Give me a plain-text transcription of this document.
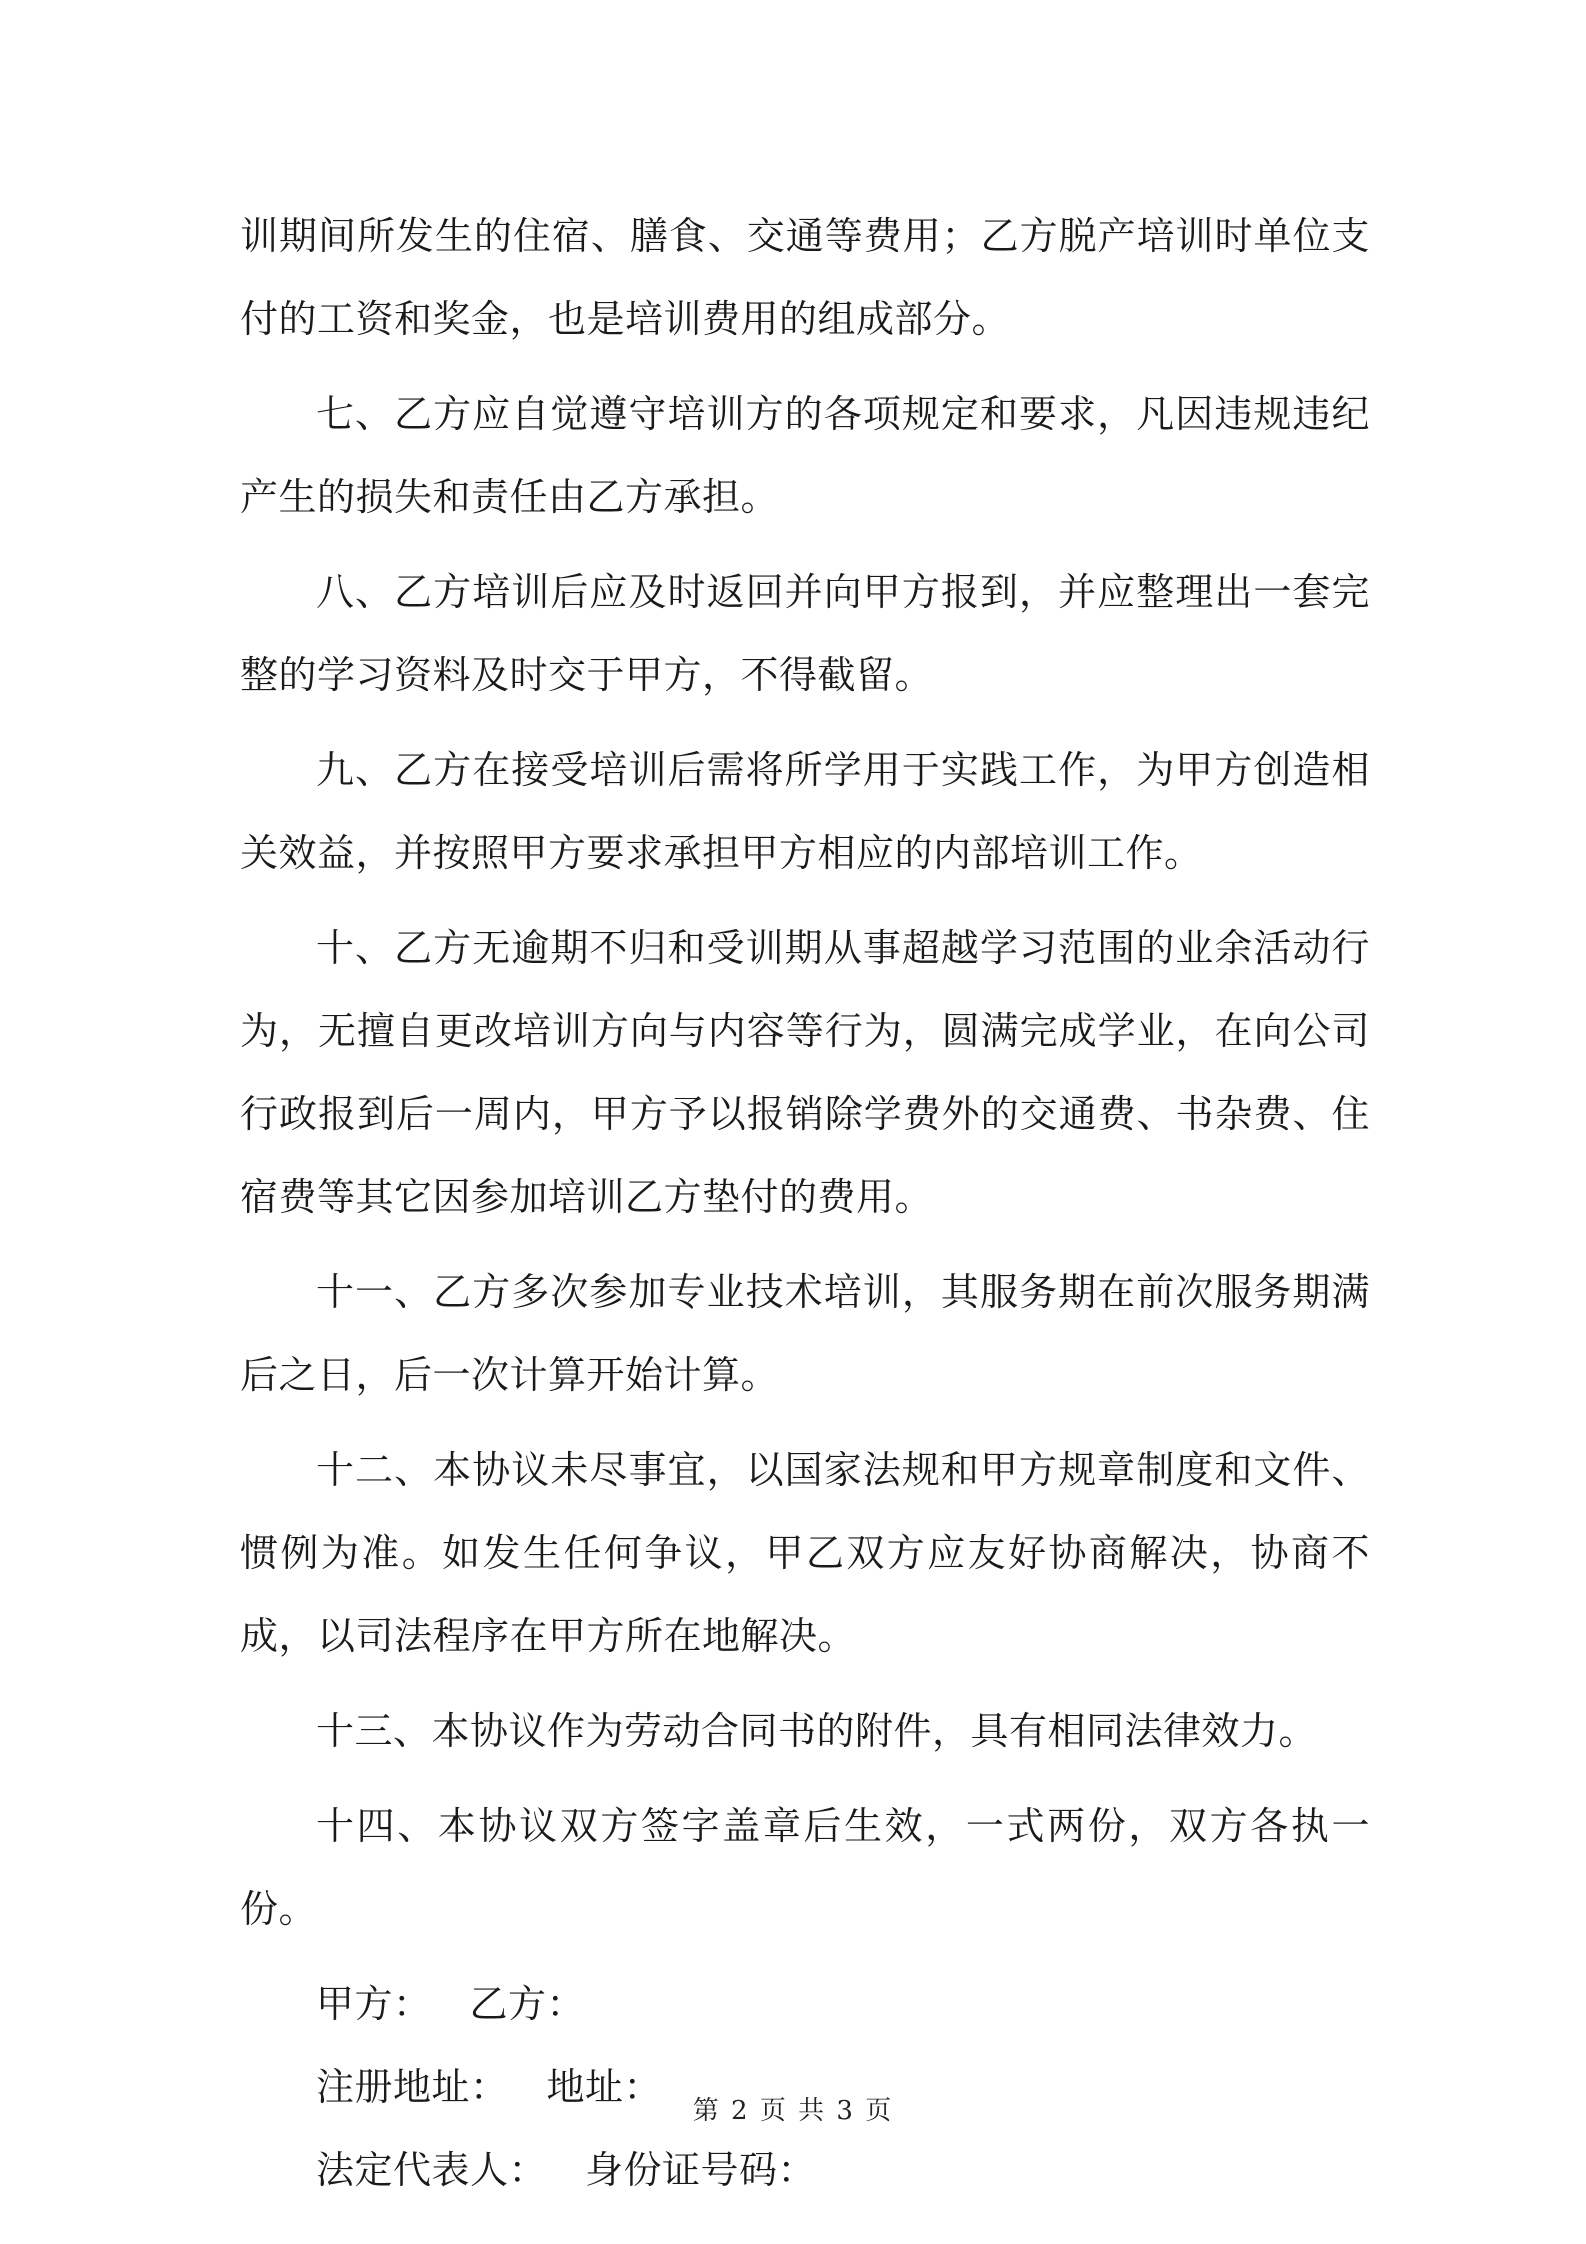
训期间所发生的住宿、膳食、交通等费用；乙方脱产培训时单位支付的工资和奖金，也是培训费用的组成部分。

七、乙方应自觉遵守培训方的各项规定和要求，凡因违规违纪产生的损失和责任由乙方承担。

八、乙方培训后应及时返回并向甲方报到，并应整理出一套完整的学习资料及时交于甲方，不得截留。

九、乙方在接受培训后需将所学用于实践工作，为甲方创造相关效益，并按照甲方要求承担甲方相应的内部培训工作。

十、乙方无逾期不归和受训期从事超越学习范围的业余活动行为，无擅自更改培训方向与内容等行为，圆满完成学业，在向公司行政报到后一周内，甲方予以报销除学费外的交通费、书杂费、住宿费等其它因参加培训乙方垫付的费用。

十一、乙方多次参加专业技术培训，其服务期在前次服务期满后之日，后一次计算开始计算。

十二、本协议未尽事宜，以国家法规和甲方规章制度和文件、惯例为准。如发生任何争议，甲乙双方应友好协商解决，协商不成，以司法程序在甲方所在地解决。

十三、本协议作为劳动合同书的附件，具有相同法律效力。

十四、本协议双方签字盖章后生效，一式两份，双方各执一份。

甲方： 乙方：
注册地址： 地址：
法定代表人： 身份证号码：
第 2 页 共 3 页
